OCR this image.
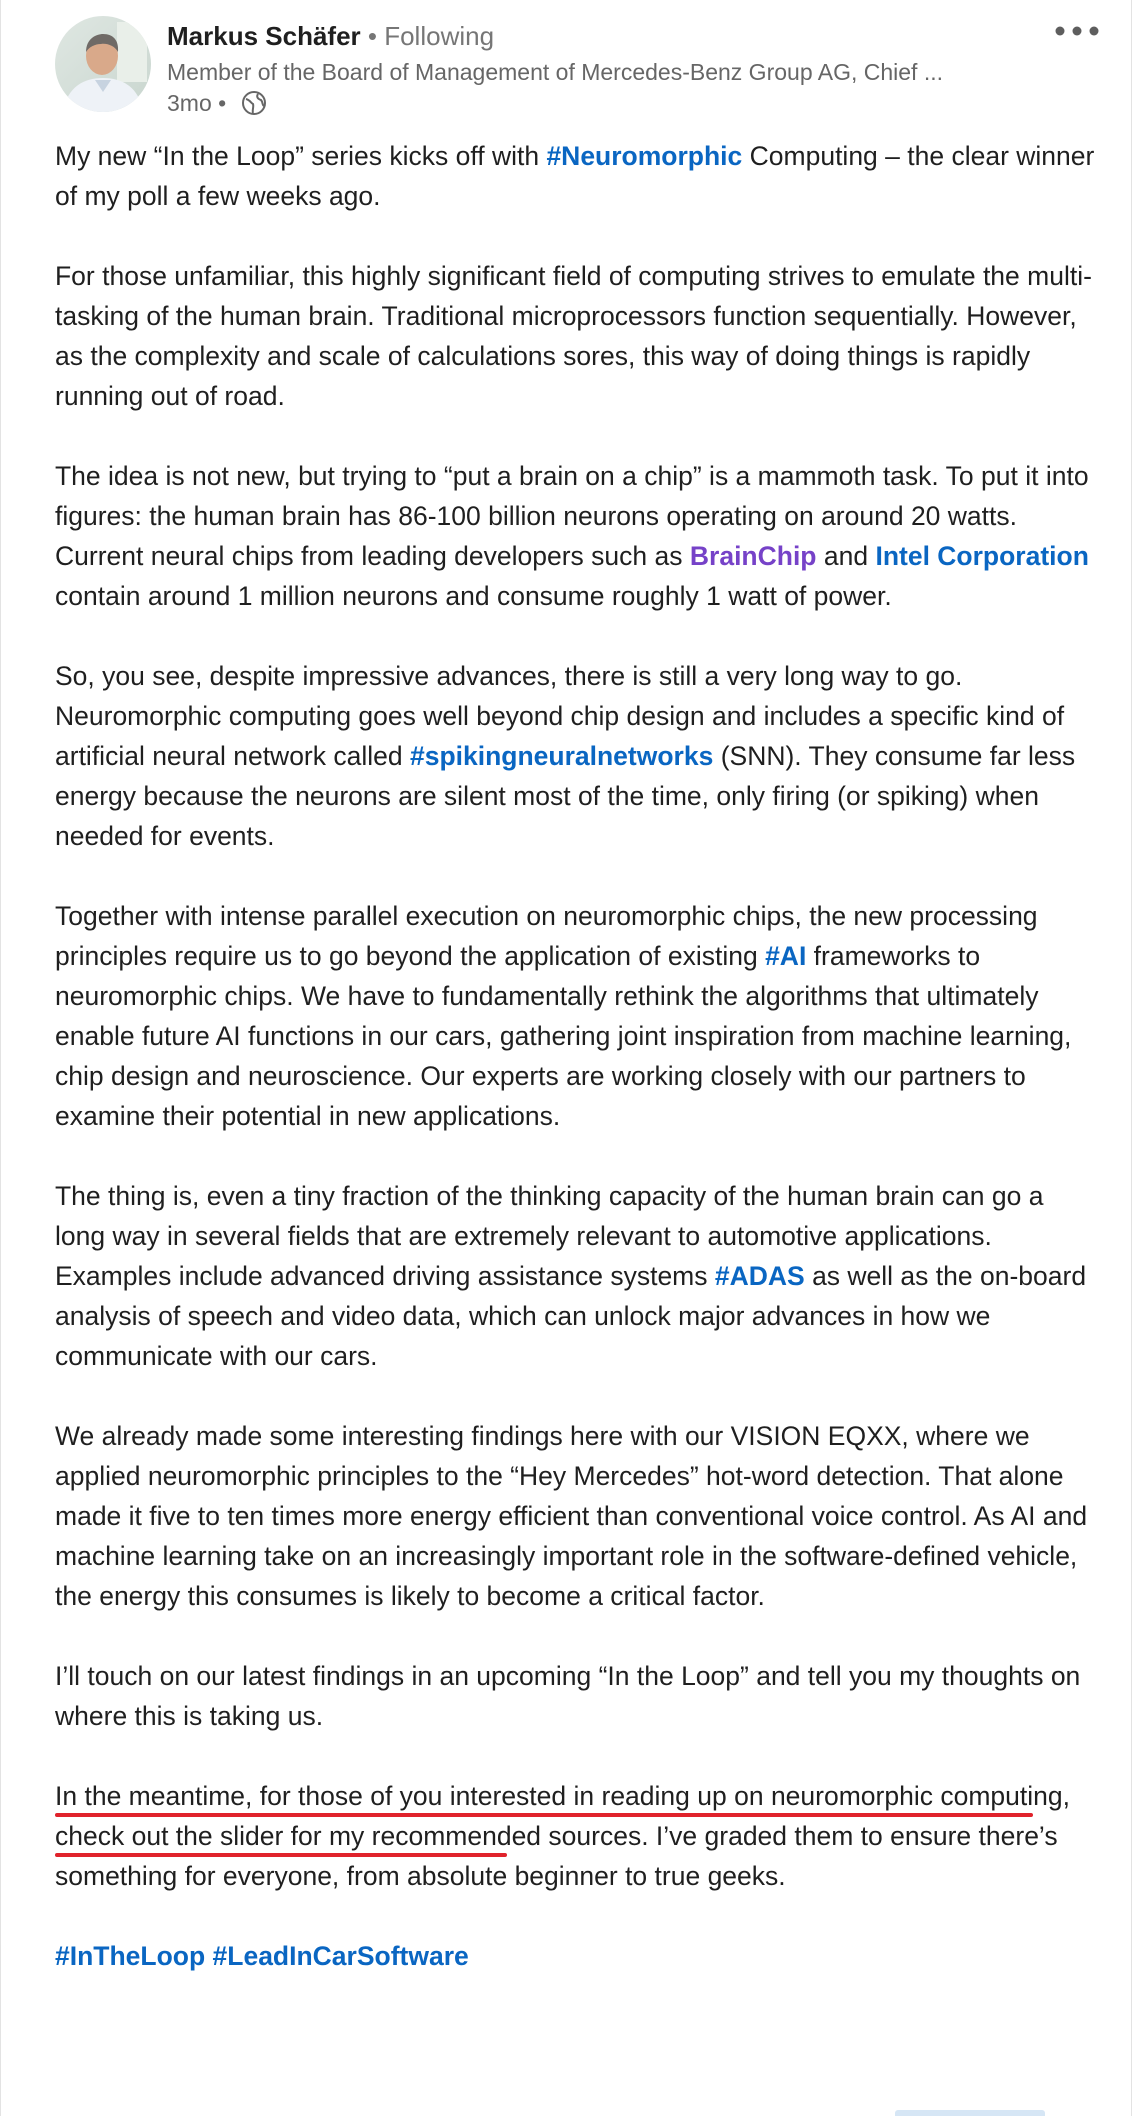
Markus Schäfer • Following
Member of the Board of Management of Mercedes-Benz Group AG, Chief ...
3mo •

My new “In the Loop” series kicks off with #Neuromorphic Computing – the clear winner of my poll a few weeks ago.

For those unfamiliar, this highly significant field of computing strives to emulate the multi-tasking of the human brain. Traditional microprocessors function sequentially. However, as the complexity and scale of calculations sores, this way of doing things is rapidly running out of road.

The idea is not new, but trying to “put a brain on a chip” is a mammoth task. To put it into figures: the human brain has 86-100 billion neurons operating on around 20 watts. Current neural chips from leading developers such as BrainChip and Intel Corporation contain around 1 million neurons and consume roughly 1 watt of power.

So, you see, despite impressive advances, there is still a very long way to go. Neuromorphic computing goes well beyond chip design and includes a specific kind of artificial neural network called #spikingneuralnetworks (SNN). They consume far less energy because the neurons are silent most of the time, only firing (or spiking) when needed for events.

Together with intense parallel execution on neuromorphic chips, the new processing principles require us to go beyond the application of existing #AI frameworks to neuromorphic chips. We have to fundamentally rethink the algorithms that ultimately enable future AI functions in our cars, gathering joint inspiration from machine learning, chip design and neuroscience. Our experts are working closely with our partners to examine their potential in new applications.

The thing is, even a tiny fraction of the thinking capacity of the human brain can go a long way in several fields that are extremely relevant to automotive applications. Examples include advanced driving assistance systems #ADAS as well as the on-board analysis of speech and video data, which can unlock major advances in how we communicate with our cars.

We already made some interesting findings here with our VISION EQXX, where we applied neuromorphic principles to the “Hey Mercedes” hot-word detection. That alone made it five to ten times more energy efficient than conventional voice control. As AI and machine learning take on an increasingly important role in the software-defined vehicle, the energy this consumes is likely to become a critical factor.

I’ll touch on our latest findings in an upcoming “In the Loop” and tell you my thoughts on where this is taking us.

In the meantime, for those of you interested in reading up on neuromorphic computing, check out the slider for my recommended sources. I’ve graded them to ensure there’s something for everyone, from absolute beginner to true geeks.

#InTheLoop #LeadInCarSoftware
